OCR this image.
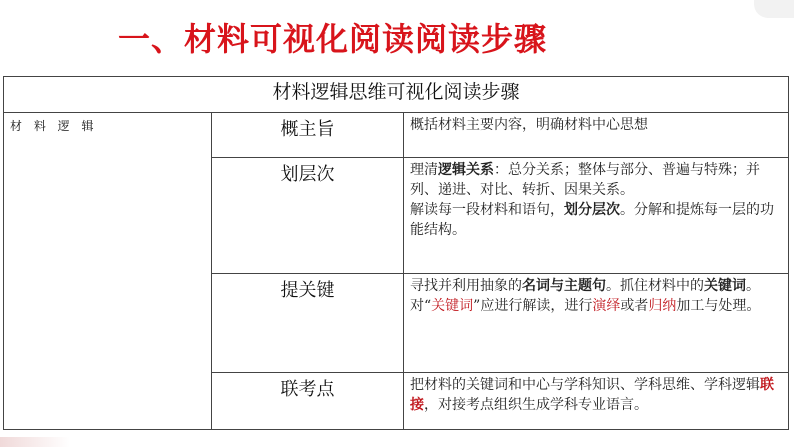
一、材料可视化阅读阅读步骤
材料逻辑思维可视化阅读步骤		
材 料 逻 辑	概主旨	概括材料主要内容，明确材料中心思想
	划层次	理清逻辑关系：总分关系；整体与部分、普遍与特殊；并列、递进、对比、转折、因果关系。
解读每一段材料和语句，划分层次。分解和提炼每一层的功能结构。
	提关键	寻找并利用抽象的名词与主题句。抓住材料中的关键词。对“关键词”应进行解读，进行演绎或者归纳加工与处理。
	联考点	把材料的关键词和中心与学科知识、学科思维、学科逻辑联接，对接考点组织生成学科专业语言。
